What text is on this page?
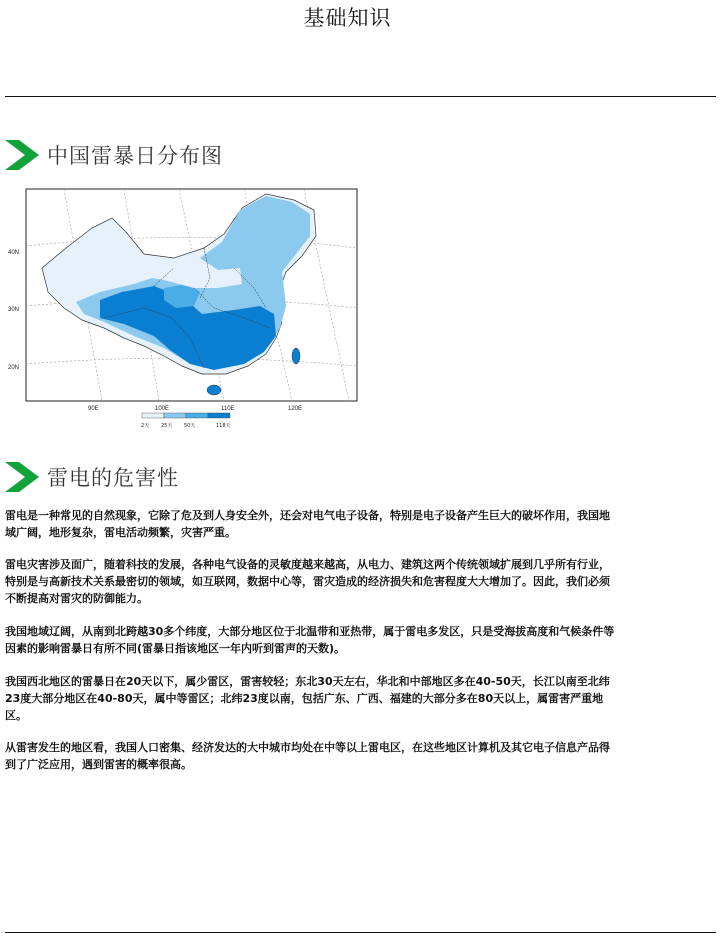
基础知识
中国雷暴日分布图
40N
30N
20N
90E	100E	110E	120E
2天 25天 50天	118天
雷电的危害性

雷电是一种常见的自然现象，它除了危及到人身安全外，还会对电气电子设备，特别是电子设备产生巨大的破坏作用，我国地域广阔，地形复杂，雷电活动频繁，灾害严重。

雷电灾害涉及面广，随着科技的发展，各种电气设备的灵敏度越来越高，从电力、建筑这两个传统领域扩展到几乎所有行业，特别是与高新技术关系最密切的领域，如互联网，数据中心等，雷灾造成的经济损失和危害程度大大增加了。因此，我们必须不断提高对雷灾的防御能力。

我国地域辽阔，从南到北跨越30多个纬度，大部分地区位于北温带和亚热带，属于雷电多发区，只是受海拔高度和气候条件等因素的影响雷暴日有所不同(雷暴日指该地区一年内听到雷声的天数)。

我国西北地区的雷暴日在20天以下，属少雷区，雷害较轻；东北30天左右，华北和中部地区多在40-50天，长江以南至北纬23度大部分地区在40-80天，属中等雷区；北纬23度以南，包括广东、广西、福建的大部分多在80天以上，属雷害严重地区。

从雷害发生的地区看，我国人口密集、经济发达的大中城市均处在中等以上雷电区，在这些地区计算机及其它电子信息产品得到了广泛应用，遇到雷害的概率很高。
